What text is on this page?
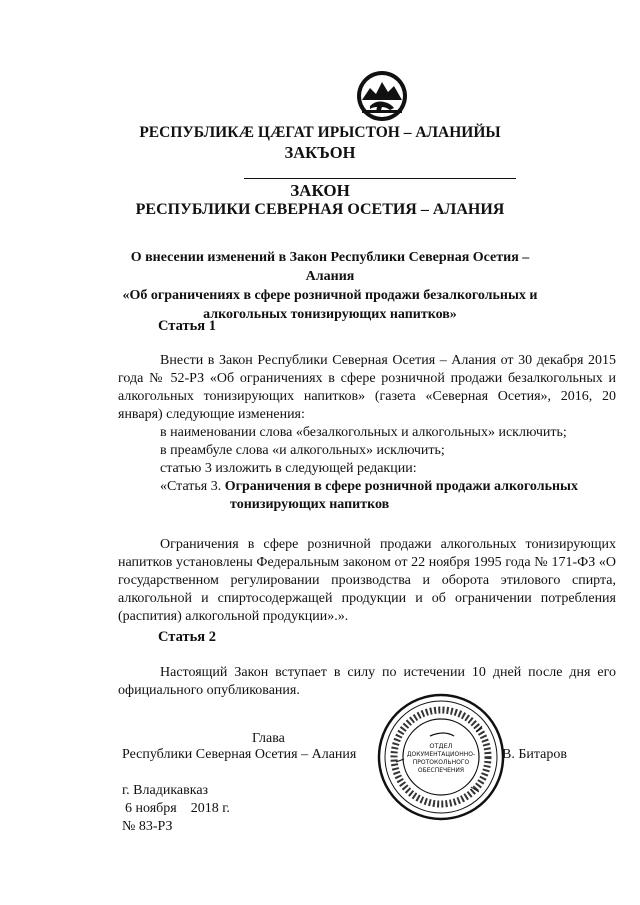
РЕСПУБЛИКÆ ЦÆГАТ ИРЫСТОН – АЛАНИЙЫ
ЗАКЪОН
ЗАКОН
РЕСПУБЛИКИ СЕВЕРНАЯ ОСЕТИЯ – АЛАНИЯ
О внесении изменений в Закон Республики Северная Осетия – Алания
«Об ограничениях в сфере розничной продажи безалкогольных и
алкогольных тонизирующих напитков»
Статья 1
Внести в Закон Республики Северная Осетия – Алания от 30 декабря 2015 года № 52-РЗ «Об ограничениях в сфере розничной продажи безалкогольных и алкогольных тонизирующих напитков» (газета «Северная Осетия», 2016, 20 января) следующие изменения:
в наименовании слова «безалкогольных и алкогольных» исключить;
в преамбуле слова «и алкогольных» исключить;
статью 3 изложить в следующей редакции:
«Статья 3. Ограничения в сфере розничной продажи алкогольных
тонизирующих напитков
Ограничения в сфере розничной продажи алкогольных тонизирующих напитков установлены Федеральным законом от 22 ноября 1995 года № 171-ФЗ «О государственном регулировании производства и оборота этилового спирта, алкогольной и спиртосодержащей продукции и об ограничении потребления (распития) алкогольной продукции».».
Статья 2
Настоящий Закон вступает в силу по истечении 10 дней после дня его официального опубликования.
Глава
Республики Северная Осетия – Алания	В. Битаров
ОТДЕЛ
ДОКУМЕНТАЦИОННО-
ПРОТОКОЛЬНОГО
ОБЕСПЕЧЕНИЯ
г. Владикавказ
6 ноября    2018 г.
№ 83-РЗ
